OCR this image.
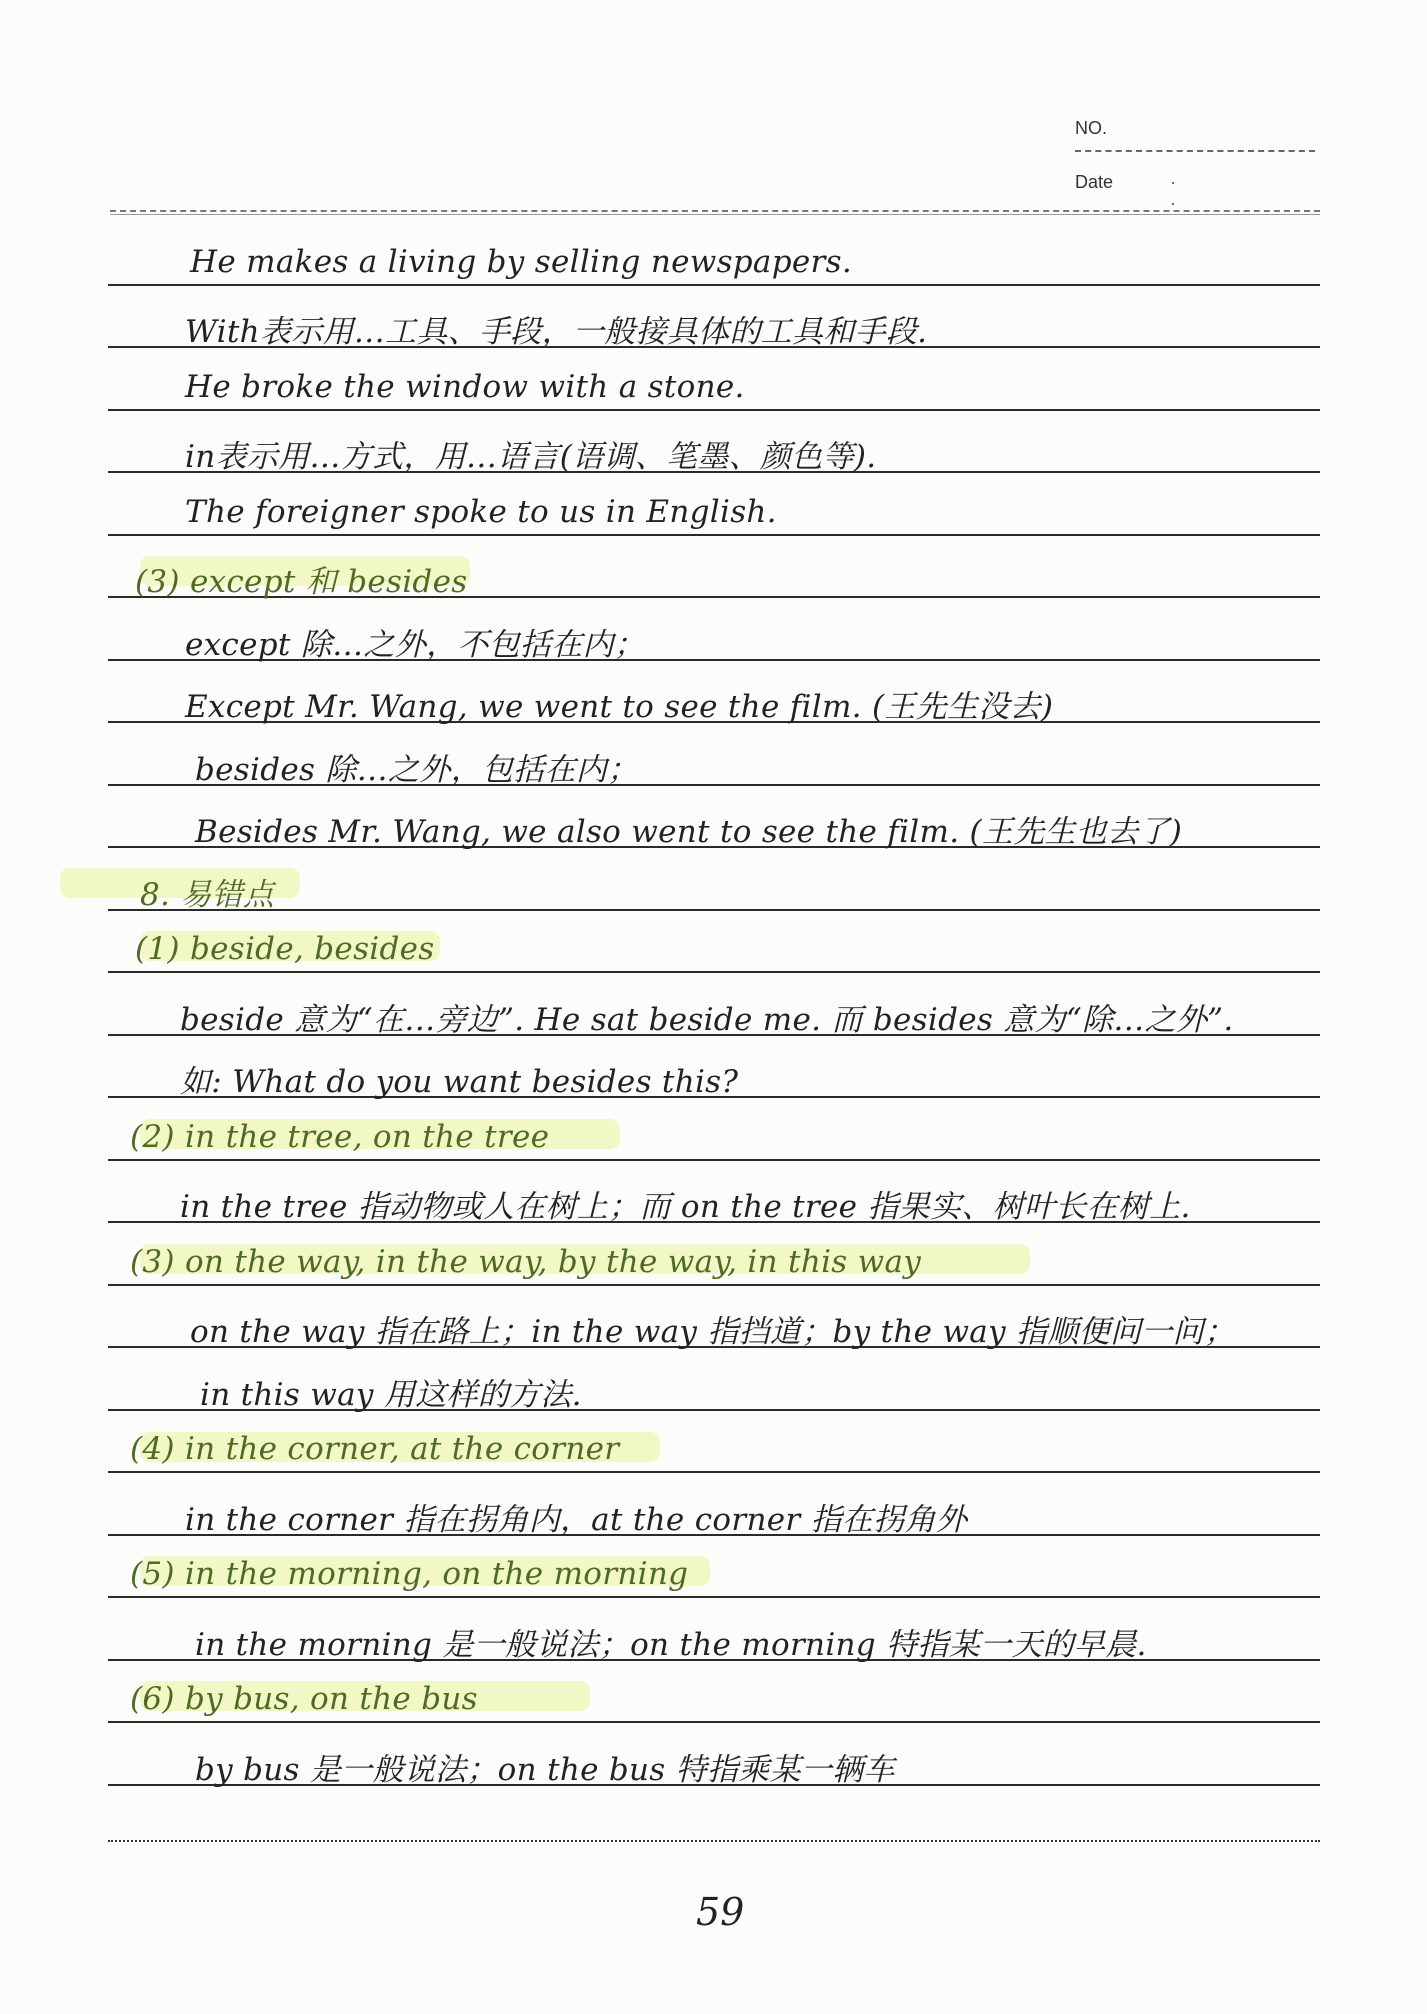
NO.
Date	· ·
He makes a living by selling newspapers.
With表示用…工具、手段，一般接具体的工具和手段.
He broke the window with a stone.
in表示用…方式，用…语言(语调、笔墨、颜色等).
The foreigner spoke to us in English.
(3) except 和 besides
except 除…之外，不包括在内；
Except Mr. Wang, we went to see the film. (王先生没去)
besides 除…之外，包括在内；
Besides Mr. Wang, we also went to see the film. (王先生也去了)
8. 易错点
(1) beside, besides
beside 意为“在…旁边”. He sat beside me. 而 besides 意为“除…之外”.
如: What do you want besides this?
(2) in the tree, on the tree
in the tree 指动物或人在树上；而 on the tree 指果实、树叶长在树上.
(3) on the way, in the way, by the way, in this way
on the way 指在路上；in the way 指挡道；by the way 指顺便问一问；
in this way 用这样的方法.
(4) in the corner, at the corner
in the corner 指在拐角内，at the corner 指在拐角外
(5) in the morning, on the morning
in the morning 是一般说法；on the morning 特指某一天的早晨.
(6) by bus, on the bus
by bus 是一般说法；on the bus 特指乘某一辆车
59
